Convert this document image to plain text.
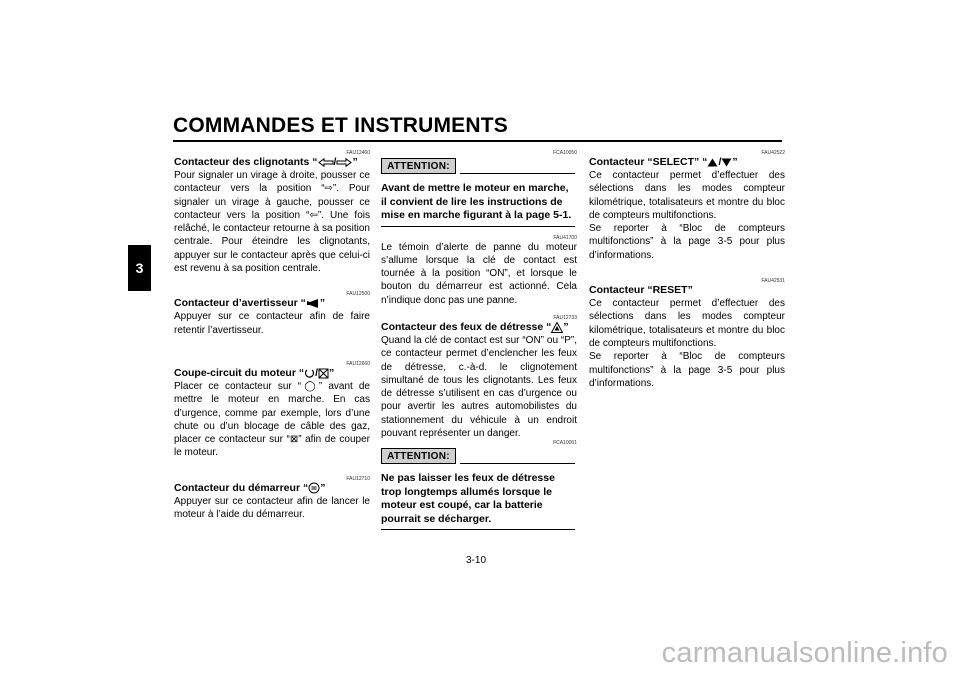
COMMANDES ET INSTRUMENTS
3
FAU12460

Contacteur des clignotants “ / ”

Pour signaler un virage à droite, pousser ce contacteur vers la position “⇨”. Pour signaler un virage à gauche, pousser ce contacteur vers la position “⇦”. Une fois relâché, le contacteur retourne à sa position centrale. Pour éteindre les clignotants, appuyer sur le contacteur après que celui-ci est revenu à sa position centrale.

FAU12500

Contacteur d’avertisseur “ ”

Appuyer sur ce contacteur afin de faire retentir l’avertisseur.

FAU12660

Coupe-circuit du moteur “ / ”

Placer ce contacteur sur “◯” avant de mettre le moteur en marche. En cas d’urgence, comme par exemple, lors d’une chute ou d’un blocage de câble des gaz, placer ce contacteur sur “⊠” afin de couper le moteur.

FAU12710

Contacteur du démarreur “ ”

Appuyer sur ce contacteur afin de lancer le moteur à l’aide du démarreur.

FCA10050
ATTENTION:

Avant de mettre le moteur en marche, il convient de lire les instructions de mise en marche figurant à la page 5-1.

FAU41700

Le témoin d’alerte de panne du moteur s’allume lorsque la clé de contact est tournée à la position “ON”, et lorsque le bouton du démarreur est actionné. Cela n’indique donc pas une panne.

FAU12733

Contacteur des feux de détresse “ ”

Quand la clé de contact est sur “ON” ou “P”, ce contacteur permet d’enclencher les feux de détresse, c.-à-d. le clignotement simultané de tous les clignotants. Les feux de détresse s’utilisent en cas d’urgence ou pour avertir les autres automobilistes du stationnement du véhicule à un endroit pouvant représenter un danger.

FCA10061
ATTENTION:

Ne pas laisser les feux de détresse trop longtemps allumés lorsque le moteur est coupé, car la batterie pourrait se décharger.

FAU42522

Contacteur “SELECT” “ / ”

Ce contacteur permet d’effectuer des sélections dans les modes compteur kilométrique, totalisateurs et montre du bloc de compteurs multifonctions.

Se reporter à “Bloc de compteurs multifonctions” à la page 3-5 pour plus d’informations.

FAU42531

Contacteur “RESET”

Ce contacteur permet d’effectuer des sélections dans les modes compteur kilométrique, totalisateurs et montre du bloc de compteurs multifonctions.

Se reporter à “Bloc de compteurs multifonctions” à la page 3-5 pour plus d’informations.

3-10
carmanualsonline.info
